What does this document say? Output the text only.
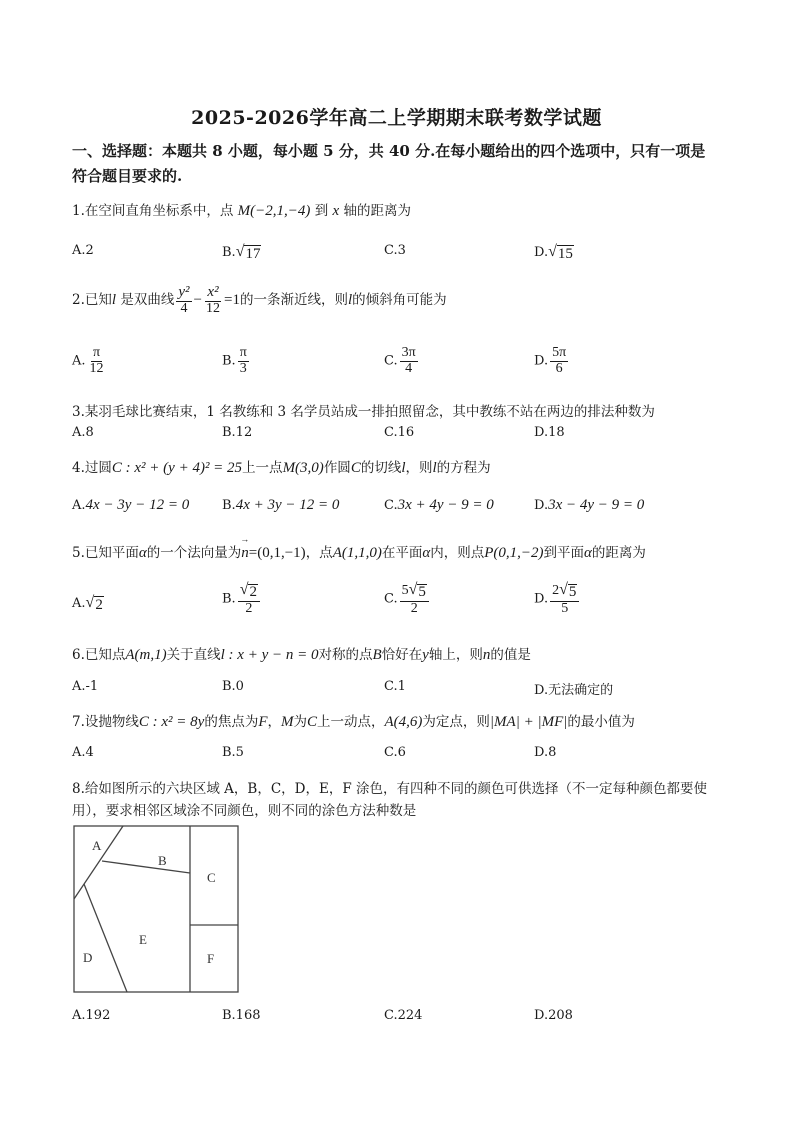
2025-2026学年高二上学期期末联考数学试题
一、选择题：本题共 8 小题，每小题 5 分，共 40 分.在每小题给出的四个选项中，只有一项是
符合题目要求的.
1.在空间直角坐标系中，点 M(−2,1,−4) 到 x 轴的距离为
A.2	B. √ 17	C.3	D. √ 15
2.已知l 是双曲线 $\frac{\text{y²}}{4} - \frac{\text{x²}}{12} =1$的一条渐近线，则l的倾斜角可能为
A. $\frac{\pi}{12}$	B. $\frac{\pi}{3}$	C. $\frac{3\pi}{4}$	D. $\frac{5\pi}{6}$
3.某羽毛球比赛结束，1 名教练和 3 名学员站成一排拍照留念，其中教练不站在两边的排法种数为
A.8	B.12	C.16	D.18
4.过圆C : x² + (y + 4)² = 25上一点M(3,0)作圆C的切线l，则l的方程为
A.4x − 3y − 12 = 0	B.4x + 3y − 12 = 0	C.3x + 4y − 9 = 0	D.3x − 4y − 9 = 0
5.已知平面α的一个法向量为→ n=(0,1,−1)，点A(1,1,0)在平面α内，则点P(0,1,−2)到平面α的距离为
A. √ 2	B. $\frac{√ 2}{2}$	C. $\frac{5 √ 5}{2}$	D. $\frac{2 √ 5}{5}$
6.已知点A(m,1)关于直线l : x + y − n = 0对称的点B恰好在y轴上，则n的值是
A.-1	B.0	C.1	D.无法确定的
7.设抛物线C : x² = 8y的焦点为F，M为C上一动点，A(4,6)为定点，则|MA| + |MF|的最小值为
A.4	B.5	C.6	D.8
8.给如图所示的六块区域 A，B，C，D，E，F 涂色，有四种不同的颜色可供选择（不一定每种颜色都要使
用），要求相邻区域涂不同颜色，则不同的涂色方法种数是
A
B
C
D
E
F
A.192	B.168	C.224	D.208
